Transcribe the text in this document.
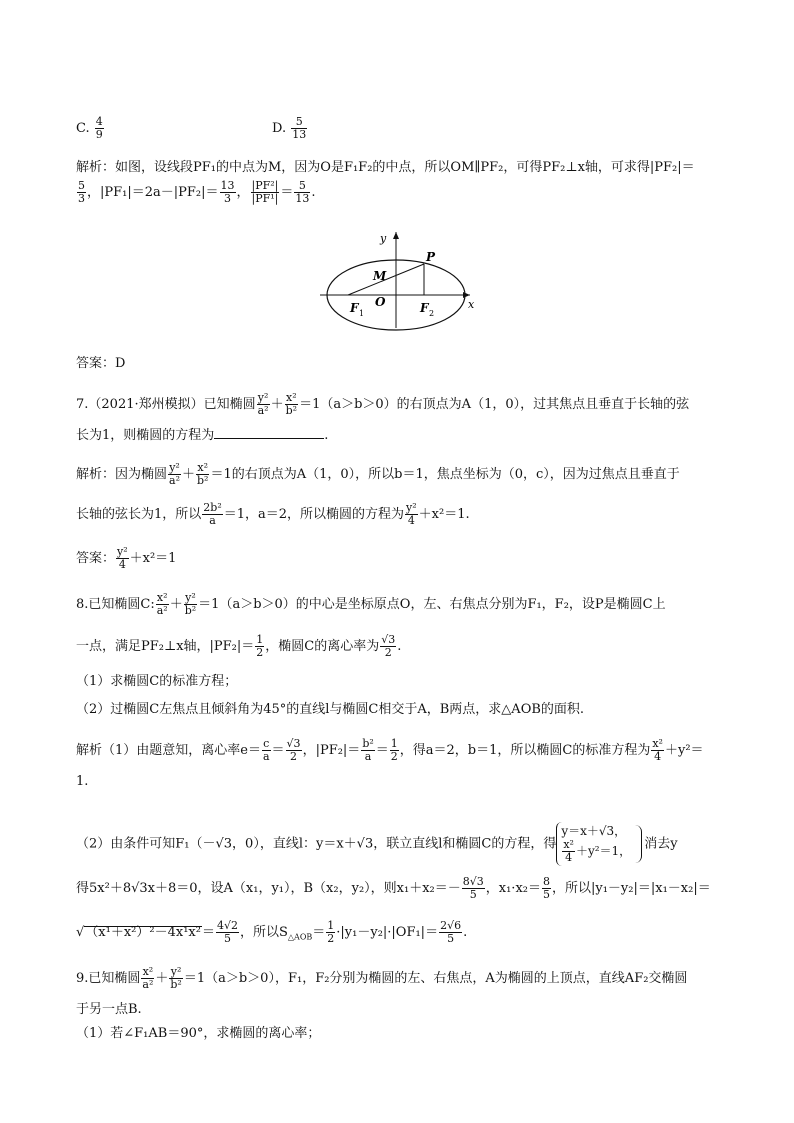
C. $\frac{4}{9}$	D. $\frac{5}{13}$
解析：如图，设线段PF₁的中点为M，因为O是F₁F₂的中点，所以OM∥PF₂，可得PF₂⊥x轴，可求得|PF₂|＝
$\frac{5}{3}$ ，$|PF_1|=2a-|PF_2|= \frac{13}{3}$ ， $\frac{\text{|PF²|}}{\text{|PF¹|}} = \frac{5}{13}$ .
y
x
P
M
O
F 1	F 2
答案：D
7.（2021·郑州模拟）已知椭圆 $\frac{\text{y²}}{\text{a²}} + \frac{\text{x²}}{\text{b²}} =1(a>b>0)$的右顶点为A（1，0），过其焦点且垂直于长轴的弦
长为1，则椭圆的方程为	.
解析：因为椭圆 $\frac{\text{y²}}{\text{a²}} + \frac{\text{x²}}{\text{b²}} =1$的右顶点为A（1，0），所以b＝1，焦点坐标为（0，c），因为过焦点且垂直于
长轴的弦长为1，所以 $\frac{\text{2b²}}{a} =1$，a＝2，所以椭圆的方程为 $\frac{\text{y²}}{4} +x^2=1$.
答案： $\frac{\text{y²}}{4} +x^2=1$
8.已知椭圆C: $\frac{\text{x²}}{\text{a²}} + \frac{\text{y²}}{\text{b²}} =1(a>b>0)$的中心是坐标原点O，左、右焦点分别为F₁，F₂，设P是椭圆C上
一点，满足PF₂⊥x轴，$|PF_2|= \frac{1}{2}$ ，椭圆C的离心率为 $\frac{√3}{2}$ .
（1）求椭圆C的标准方程；
（2）过椭圆C左焦点且倾斜角为45°的直线l与椭圆C相交于A，B两点，求△AOB的面积.
解析（1）由题意知，离心率$e= \frac{c}{a} = \frac{√3}{2}$ ，$|PF_2|= \frac{\text{b²}}{a} = \frac{1}{2}$ ，得a＝2，b＝1，所以椭圆C的标准方程为 $\frac{\text{x²}}{4} +y^2=$
1.
（2）由条件可知F₁（－√3，0），直线l：y＝x＋√3，联立直线l和椭圆C的方程，得y＝x＋√3，

$\frac{\text{x²}}{4} +y^2=1$， 消去y
得5x²＋8√3x＋8＝0，设A（x₁，y₁），B（x₂，y₂），则$x_1+x_2=- \frac{8√3}{5}$ ，$x_1\cdot x_2= \frac{8}{5}$ ，所以|y₁－y₂|＝|x₁－x₂|＝
$√(x^1+x^2)^2-4x^1x^2= \frac{4√2}{5}$ ，所以$S_{\triangle AOB}= \frac{1}{2} \cdot|y_1-y_2|\cdot|OF_1|= \frac{2√6}{5}$ .
9.已知椭圆 $\frac{\text{x²}}{\text{a²}} + \frac{\text{y²}}{\text{b²}} =1(a>b>0)$，F₁，F₂分别为椭圆的左、右焦点，A为椭圆的上顶点，直线AF₂交椭圆
于另一点B.
（1）若∠F₁AB＝90°，求椭圆的离心率；
